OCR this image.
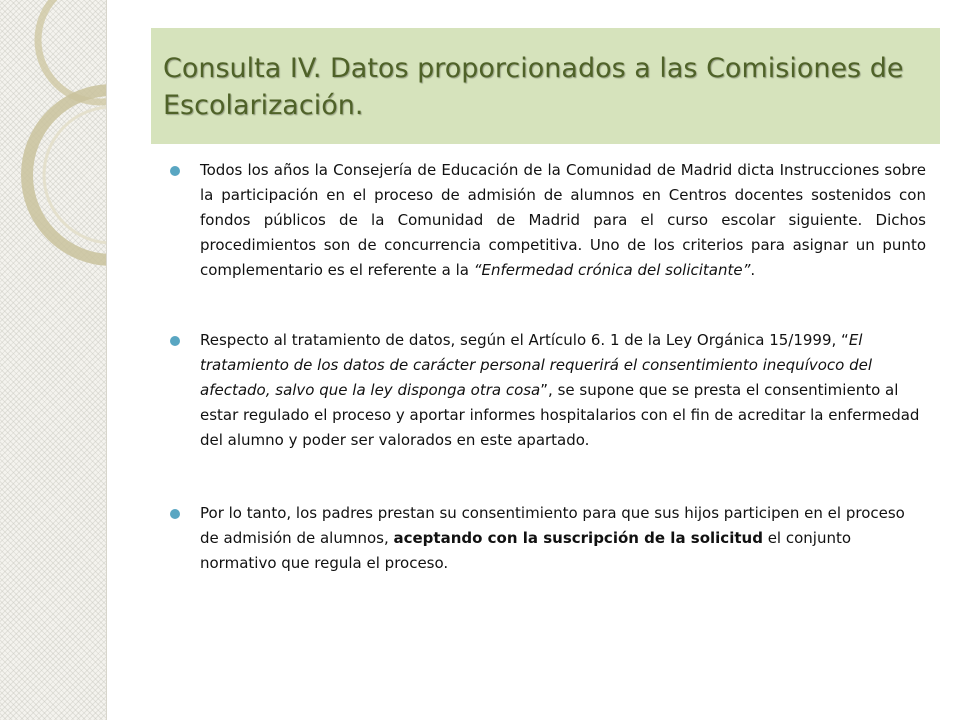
Consulta IV. Datos proporcionados a las Comisiones de Escolarización.

Todos los años la Consejería de Educación de la Comunidad de Madrid dicta Instrucciones sobre la participación en el proceso de admisión de alumnos en Centros docentes sostenidos con fondos públicos de la Comunidad de Madrid para el curso escolar siguiente. Dichos procedimientos son de concurrencia competitiva. Uno de los criterios para asignar un punto complementario es el referente a la “Enfermedad crónica del solicitante”.

Respecto al tratamiento de datos, según el Artículo 6. 1 de la Ley Orgánica 15/1999, “El tratamiento de los datos de carácter personal requerirá el consentimiento inequívoco del afectado, salvo que la ley disponga otra cosa”, se supone que se presta el consentimiento al estar regulado el proceso y aportar informes hospitalarios con el fin de acreditar la enfermedad del alumno y poder ser valorados en este apartado.

Por lo tanto, los padres prestan su consentimiento para que sus hijos participen en el proceso de admisión de alumnos, aceptando con la suscripción de la solicitud el conjunto normativo que regula el proceso.
